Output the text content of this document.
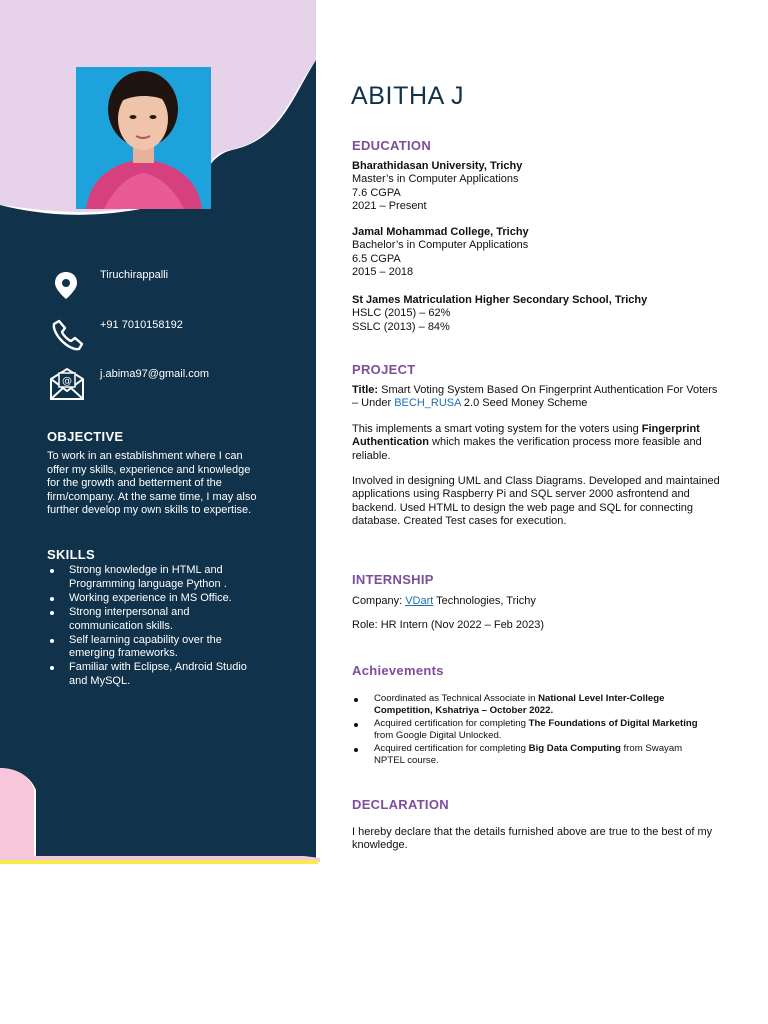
Tiruchirappalli
+91 7010158192
@
j.abima97@gmail.com
OBJECTIVE

To work in an establishment where I can offer my skills, experience and knowledge for the growth and betterment of the firm/company. At the same time, I may also further develop my own skills to expertise.

SKILLS
Strong knowledge in HTML and Programming language Python .
Working experience in MS Office.
Strong interpersonal and communication skills.
Self learning capability over the emerging frameworks.
Familiar with Eclipse, Android Studio and MySQL.
ABITHA J
EDUCATION

Bharathidasan University, Trichy

Master’s in Computer Applications

7.6 CGPA

2021 – Present

Jamal Mohammad College, Trichy

Bachelor’s in Computer Applications

6.5 CGPA

2015 – 2018

St James Matriculation Higher Secondary School, Trichy

HSLC (2015) – 62%

SSLC (2013) – 84%

PROJECT

Title: Smart Voting System Based On Fingerprint Authentication For Voters – Under BECH_RUSA 2.0 Seed Money Scheme

This implements a smart voting system for the voters using Fingerprint Authentication which makes the verification process more feasible and reliable.

Involved in designing UML and Class Diagrams. Developed and maintained applications using Raspberry Pi and SQL server 2000 asfrontend and backend. Used HTML to design the web page and SQL for connecting database. Created Test cases for execution.

INTERNSHIP

Company: VDart Technologies, Trichy

Role: HR Intern (Nov 2022 – Feb 2023)

Achievements
Coordinated as Technical Associate in National Level Inter-College Competition, Kshatriya – October 2022.
Acquired certification for completing The Foundations of Digital Marketing from Google Digital Unlocked.
Acquired certification for completing Big Data Computing from Swayam NPTEL course.
DECLARATION

I hereby declare that the details furnished above are true to the best of my knowledge.
